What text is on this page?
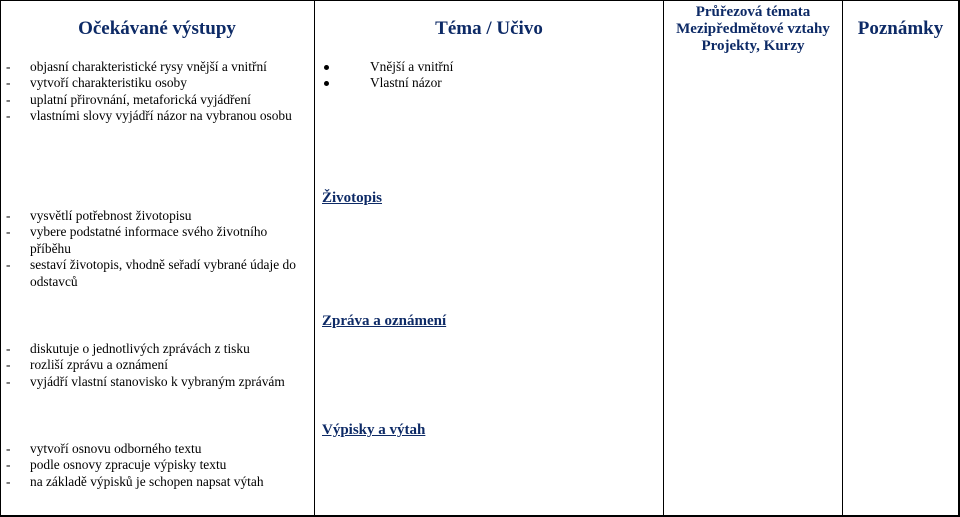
Očekávané výstupy	Téma / Učivo
Průřezová témata
Mezipředmětové vztahy
Projekty, Kurzy
Poznámky
- objasní charakteristické rysy vnější a vnitřní
- vytvoří charakteristiku osoby
- uplatní přirovnání, metaforická vyjádření
- vlastními slovy vyjádří názor na vybranou osobu
Vnější a vnitřní
Vlastní názor
Životopis
- vysvětlí potřebnost životopisu
- vybere podstatné informace svého životního příběhu
- sestaví životopis, vhodně seřadí vybrané údaje do odstavců
Zpráva a oznámení
- diskutuje o jednotlivých zprávách z tisku
- rozliší zprávu a oznámení
- vyjádří vlastní stanovisko k vybraným zprávám
Výpisky a výtah
- vytvoří osnovu odborného textu
- podle osnovy zpracuje výpisky textu
- na základě výpisků je schopen napsat výtah
